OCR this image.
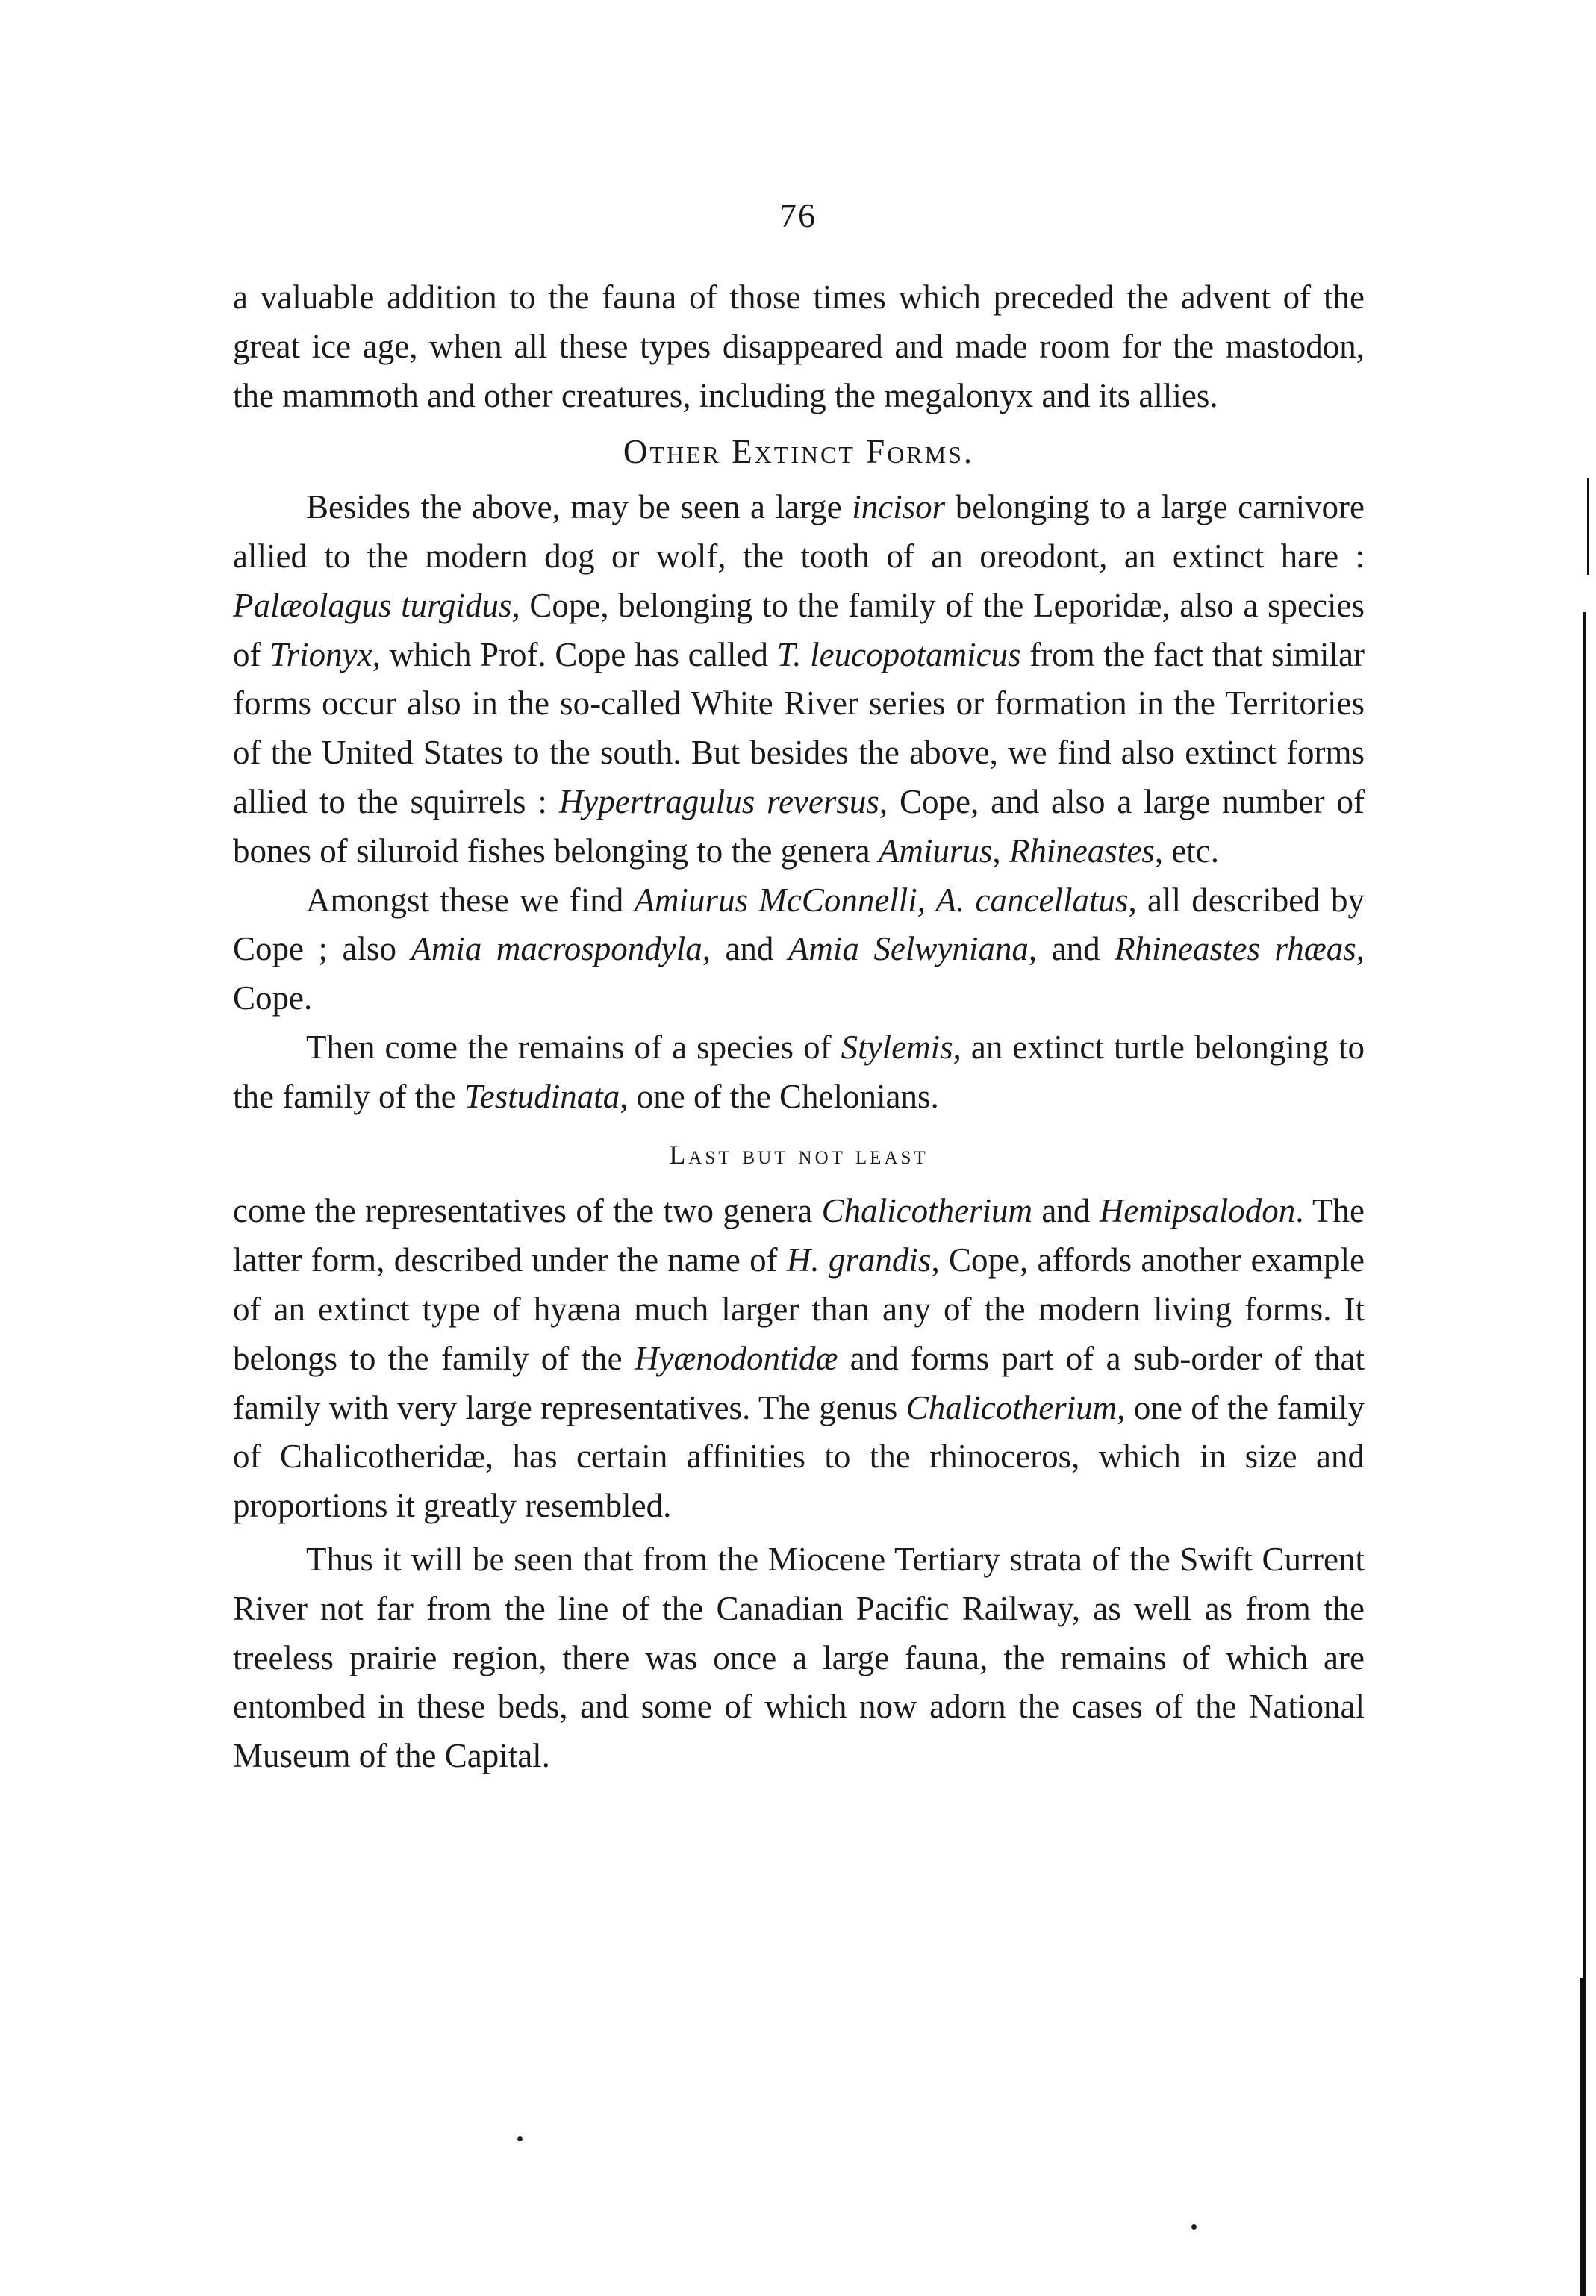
76

a valuable addition to the fauna of those times which preceded the advent of the great ice age, when all these types disappeared and made room for the mastodon, the mammoth and other creatures, including the megalonyx and its allies.

Other Extinct Forms.

Besides the above, may be seen a large incisor belonging to a large carnivore allied to the modern dog or wolf, the tooth of an oreodont, an extinct hare : Palæolagus turgidus, Cope, belonging to the family of the Leporidæ, also a species of Trionyx, which Prof. Cope has called T. leucopotamicus from the fact that similar forms occur also in the so-called White River series or formation in the Territories of the United States to the south. But besides the above, we find also extinct forms allied to the squirrels : Hypertragulus reversus, Cope, and also a large number of bones of siluroid fishes belonging to the genera Amiurus, Rhineastes, etc.

Amongst these we find Amiurus McConnelli, A. cancellatus, all described by Cope ; also Amia macrospondyla, and Amia Selwyniana, and Rhineastes rhæas, Cope.

Then come the remains of a species of Stylemis, an extinct turtle belonging to the family of the Testudinata, one of the Chelonians.

Last but not least

come the representatives of the two genera Chalicotherium and Hemipsalodon. The latter form, described under the name of H. grandis, Cope, affords another example of an extinct type of hyæna much larger than any of the modern living forms. It belongs to the family of the Hyænodontidæ and forms part of a sub-order of that family with very large representatives. The genus Chalicotherium, one of the family of Chalicotheridæ, has certain affinities to the rhinoceros, which in size and proportions it greatly resembled.

Thus it will be seen that from the Miocene Tertiary strata of the Swift Current River not far from the line of the Canadian Pacific Railway, as well as from the treeless prairie region, there was once a large fauna, the remains of which are entombed in these beds, and some of which now adorn the cases of the National Museum of the Capital.
